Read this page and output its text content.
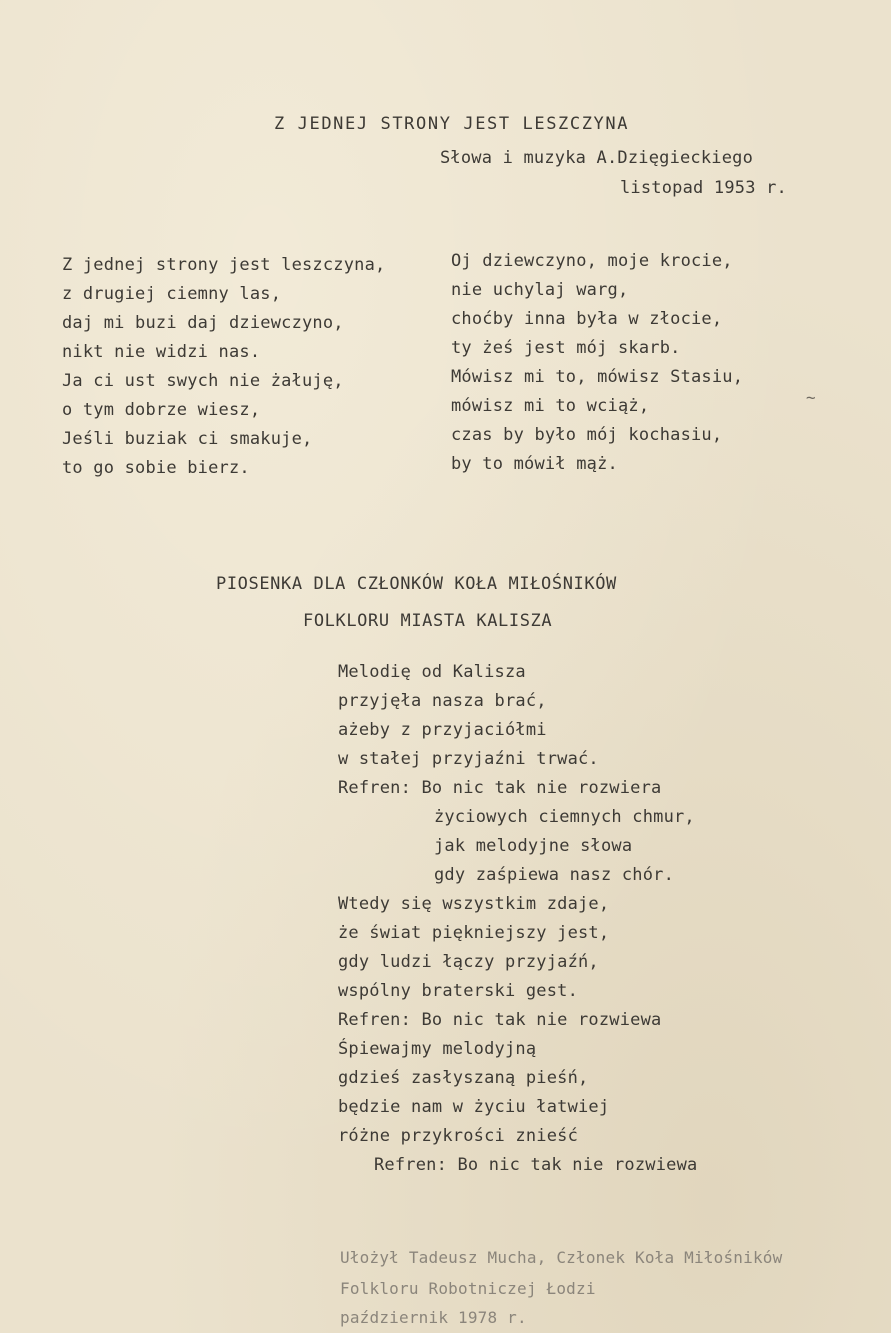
Z JEDNEJ STRONY JEST LESZCZYNA
Słowa i muzyka A.Dzięgieckiego
listopad 1953 r.
Z jednej strony jest leszczyna,
z drugiej ciemny las,
daj mi buzi daj dziewczyno,
nikt nie widzi nas.
Ja ci ust swych nie żałuję,
o tym dobrze wiesz,
Jeśli buziak ci smakuje,
to go sobie bierz.
Oj dziewczyno, moje krocie,
nie uchylaj warg,
choćby inna była w złocie,
ty żeś jest mój skarb.
Mówisz mi to, mówisz Stasiu,
mówisz mi to wciąż,
czas by było mój kochasiu,
by to mówił mąż.
~
PIOSENKA DLA CZŁONKÓW KOŁA MIŁOŚNIKÓW
FOLKLORU MIASTA KALISZA
Melodię od Kalisza
przyjęła nasza brać,
ażeby z przyjaciółmi
w stałej przyjaźni trwać.
Refren: Bo nic tak nie rozwiera
życiowych ciemnych chmur,
jak melodyjne słowa
gdy zaśpiewa nasz chór.
Wtedy się wszystkim zdaje,
że świat piękniejszy jest,
gdy ludzi łączy przyjaźń,
wspólny braterski gest.
Refren: Bo nic tak nie rozwiewa
Śpiewajmy melodyjną
gdzieś zasłyszaną pieśń,
będzie nam w życiu łatwiej
różne przykrości znieść
Refren: Bo nic tak nie rozwiewa
Ułożył Tadeusz Mucha, Członek Koła Miłośników
Folkloru Robotniczej Łodzi
październik 1978 r.
